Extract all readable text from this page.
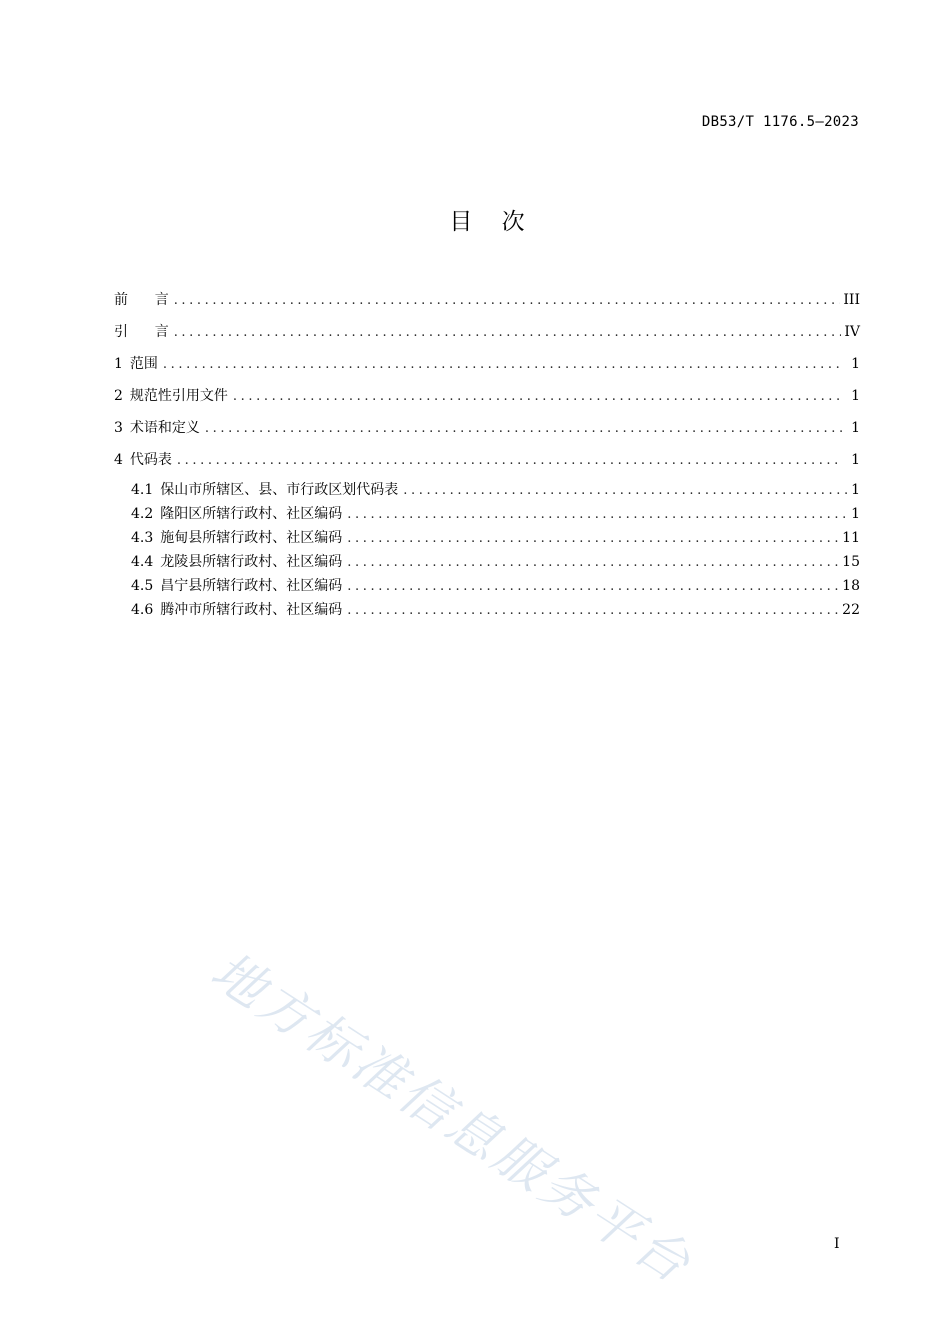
DB53/T 1176.5—2023
目    次
前      言 .....	III
引      言 .....	IV
1 范围 .....	1
2 规范性引用文件 .....	1
3 术语和定义 .....	1
4 代码表 .....	1
4.1 保山市所辖区、县、市行政区划代码表 .....	1
4.2 隆阳区所辖行政村、社区编码 .....	1
4.3 施甸县所辖行政村、社区编码 .....	11
4.4 龙陵县所辖行政村、社区编码 .....	15
4.5 昌宁县所辖行政村、社区编码 .....	18
4.6 腾冲市所辖行政村、社区编码 .....	22
地方标准信息服务平台	I
